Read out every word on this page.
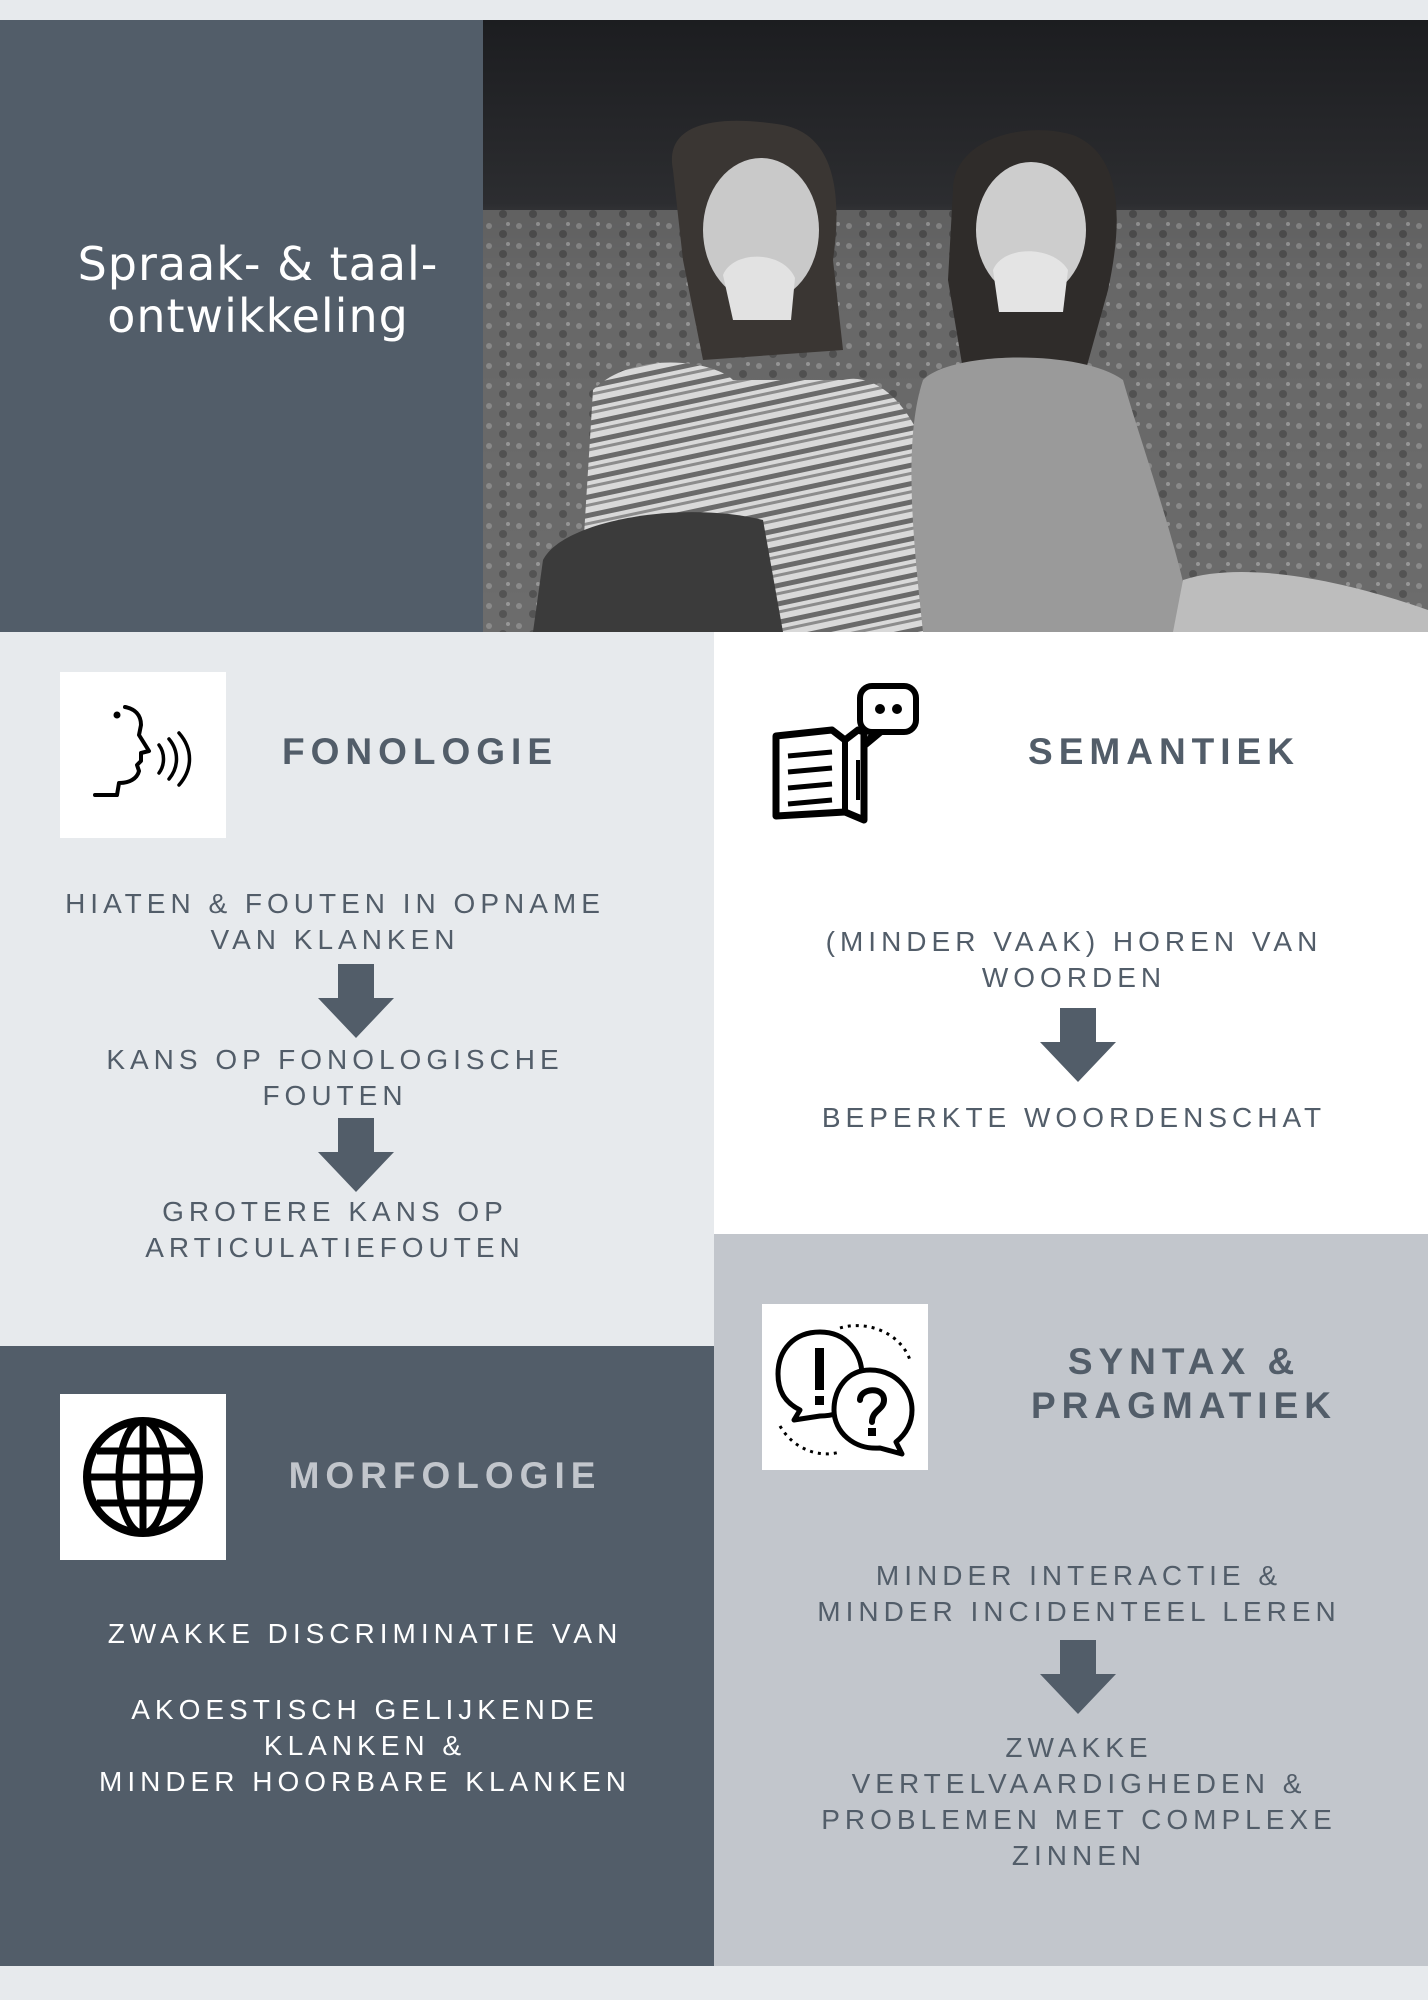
Spraak- & taal-
ontwikkeling
FONOLOGIE

HIATEN & FOUTEN IN OPNAME
VAN KLANKEN

KANS OP FONOLOGISCHE
FOUTEN

GROTERE KANS OP
ARTICULATIEFOUTEN

SEMANTIEK

(MINDER VAAK) HOREN VAN
WOORDEN

BEPERKTE WOORDENSCHAT

MORFOLOGIE

ZWAKKE DISCRIMINATIE VAN

AKOESTISCH GELIJKENDE
KLANKEN &
MINDER HOORBARE KLANKEN

SYNTAX &
PRAGMATIEK

MINDER INTERACTIE &
MINDER INCIDENTEEL LEREN

ZWAKKE
VERTELVAARDIGHEDEN &
PROBLEMEN MET COMPLEXE
ZINNEN
